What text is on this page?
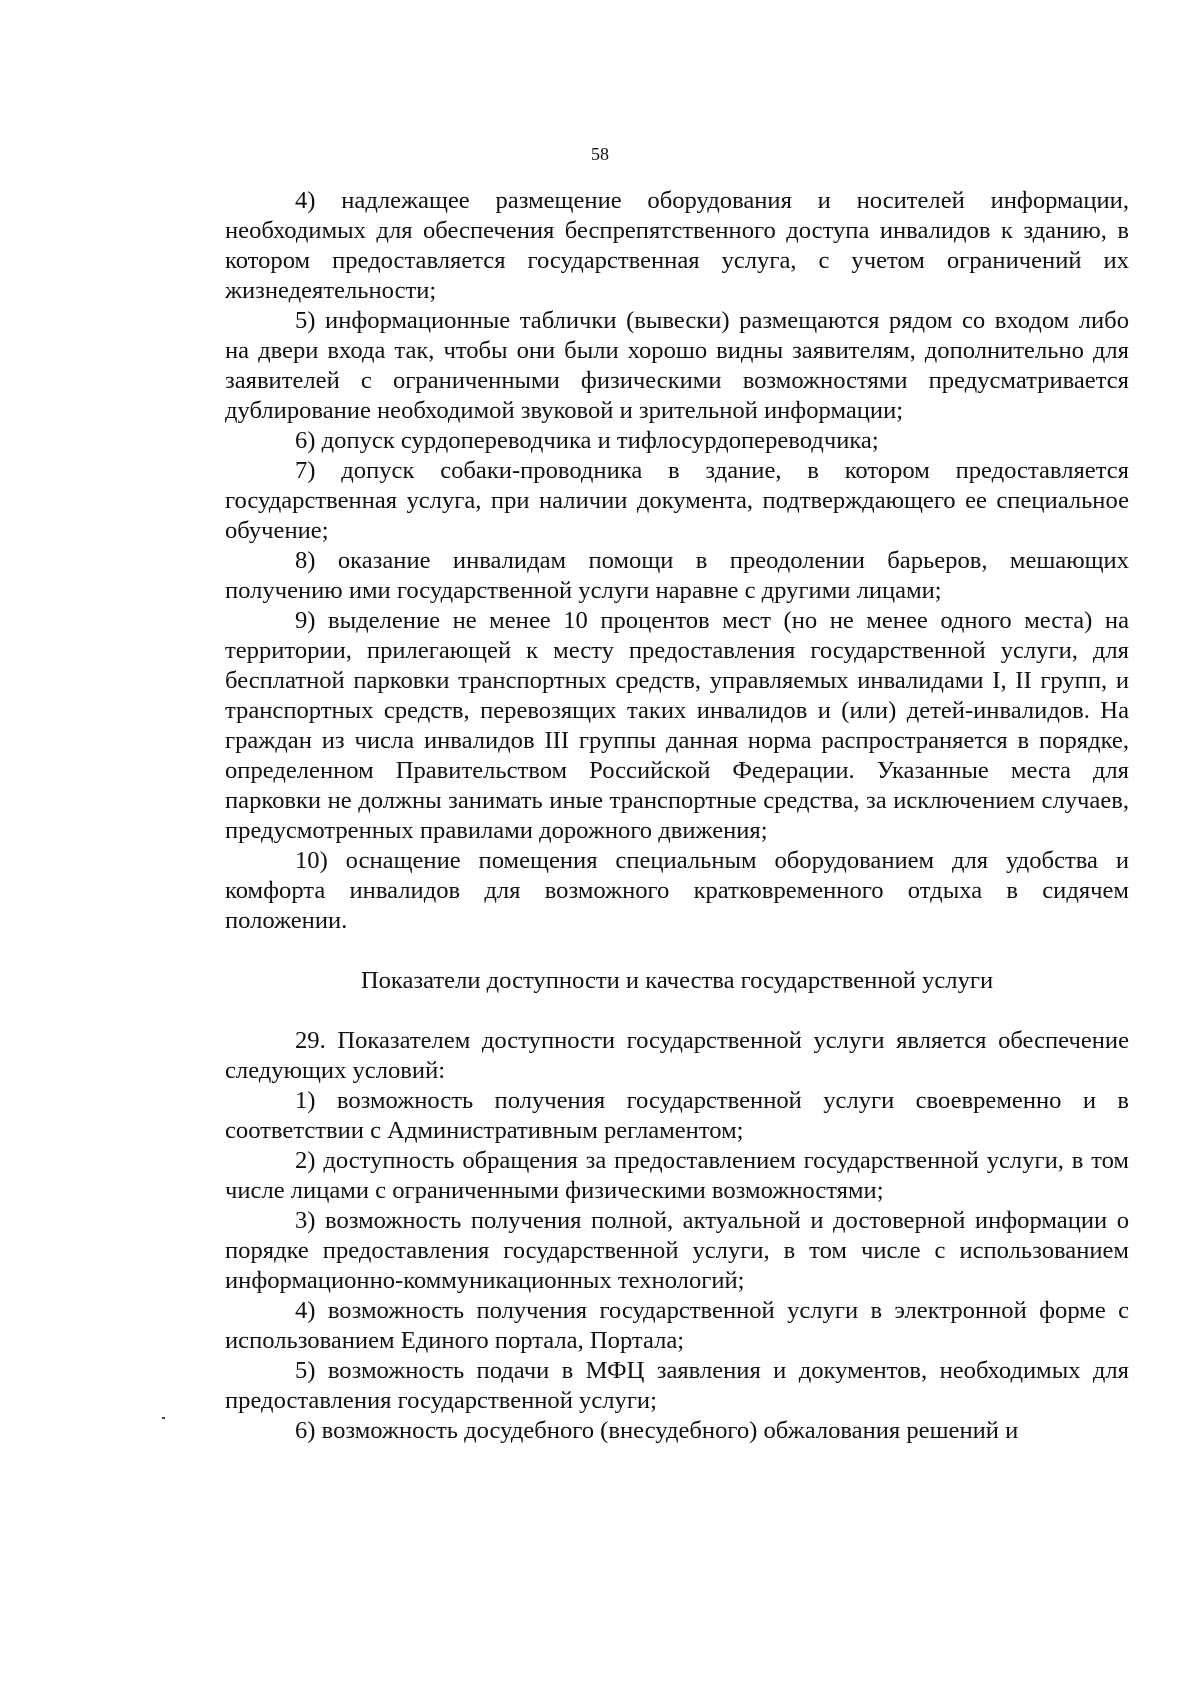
58

4) надлежащее размещение оборудования и носителей информации, необходимых для обеспечения беспрепятственного доступа инвалидов к зданию, в котором предоставляется государственная услуга, с учетом ограничений их жизнедеятельности;

5) информационные таблички (вывески) размещаются рядом со входом либо на двери входа так, чтобы они были хорошо видны заявителям, дополнительно для заявителей с ограниченными физическими возможностями предусматривается дублирование необходимой звуковой и зрительной информации;

6) допуск сурдопереводчика и тифлосурдопереводчика;

7) допуск собаки-проводника в здание, в котором предоставляется государственная услуга, при наличии документа, подтверждающего ее специальное обучение;

8) оказание инвалидам помощи в преодолении барьеров, мешающих получению ими государственной услуги наравне с другими лицами;

9) выделение не менее 10 процентов мест (но не менее одного места) на территории, прилегающей к месту предоставления государственной услуги, для бесплатной парковки транспортных средств, управляемых инвалидами I, II групп, и транспортных средств, перевозящих таких инвалидов и (или) детей-инвалидов. На граждан из числа инвалидов III группы данная норма распространяется в порядке, определенном Правительством Российской Федерации. Указанные места для парковки не должны занимать иные транспортные средства, за исключением случаев, предусмотренных правилами дорожного движения;

10) оснащение помещения специальным оборудованием для удобства и комфорта инвалидов для возможного кратковременного отдыха в сидячем положении.

Показатели доступности и качества государственной услуги

29. Показателем доступности государственной услуги является обеспечение следующих условий:

1) возможность получения государственной услуги своевременно и в соответствии с Административным регламентом;

2) доступность обращения за предоставлением государственной услуги, в том числе лицами с ограниченными физическими возможностями;

3) возможность получения полной, актуальной и достоверной информации о порядке предоставления государственной услуги, в том числе с использованием информационно-коммуникационных технологий;

4) возможность получения государственной услуги в электронной форме с использованием Единого портала, Портала;

5) возможность подачи в МФЦ заявления и документов, необходимых для предоставления государственной услуги;

6) возможность досудебного (внесудебного) обжалования решений и
